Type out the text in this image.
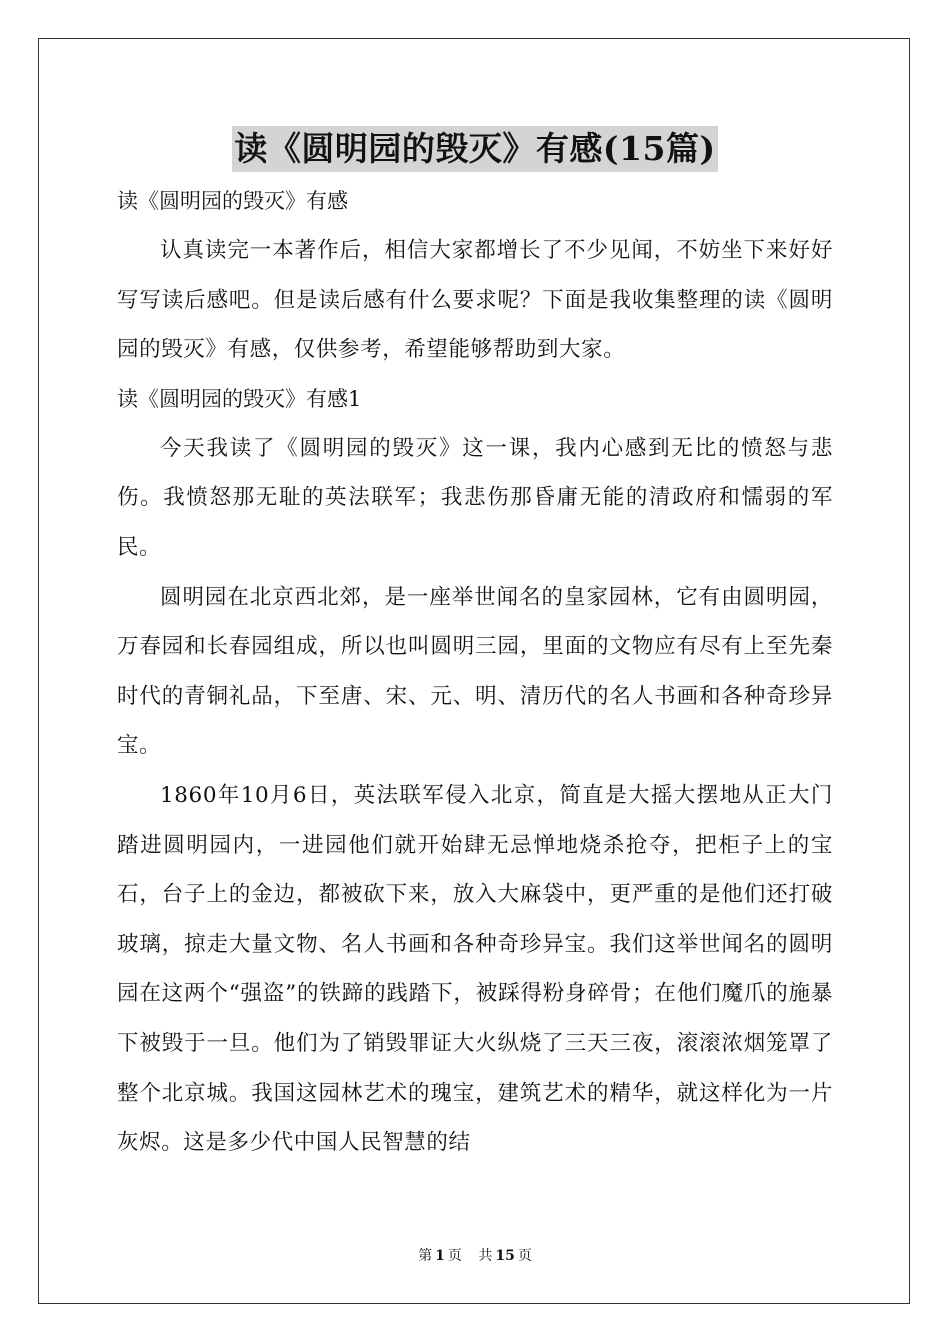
读《圆明园的毁灭》有感(15篇)

读《圆明园的毁灭》有感

认真读完一本著作后，相信大家都增长了不少见闻，不妨坐下来好好写写读后感吧。但是读后感有什么要求呢？下面是我收集整理的读《圆明园的毁灭》有感，仅供参考，希望能够帮助到大家。

读《圆明园的毁灭》有感1

今天我读了《圆明园的毁灭》这一课，我内心感到无比的愤怒与悲伤。我愤怒那无耻的英法联军；我悲伤那昏庸无能的清政府和懦弱的军民。

圆明园在北京西北郊，是一座举世闻名的皇家园林，它有由圆明园，万春园和长春园组成，所以也叫圆明三园，里面的文物应有尽有上至先秦时代的青铜礼品，下至唐、宋、元、明、清历代的名人书画和各种奇珍异宝。

1860年10月6日，英法联军侵入北京，简直是大摇大摆地从正大门踏进圆明园内，一进园他们就开始肆无忌惮地烧杀抢夺，把柜子上的宝石，台子上的金边，都被砍下来，放入大麻袋中，更严重的是他们还打破玻璃，掠走大量文物、名人书画和各种奇珍异宝。我们这举世闻名的圆明园在这两个“强盗”的铁蹄的践踏下，被踩得粉身碎骨；在他们魔爪的施暴下被毁于一旦。他们为了销毁罪证大火纵烧了三天三夜，滚滚浓烟笼罩了整个北京城。我国这园林艺术的瑰宝，建筑艺术的精华，就这样化为一片灰烬。这是多少代中国人民智慧的结

第 1 页 共 15 页
